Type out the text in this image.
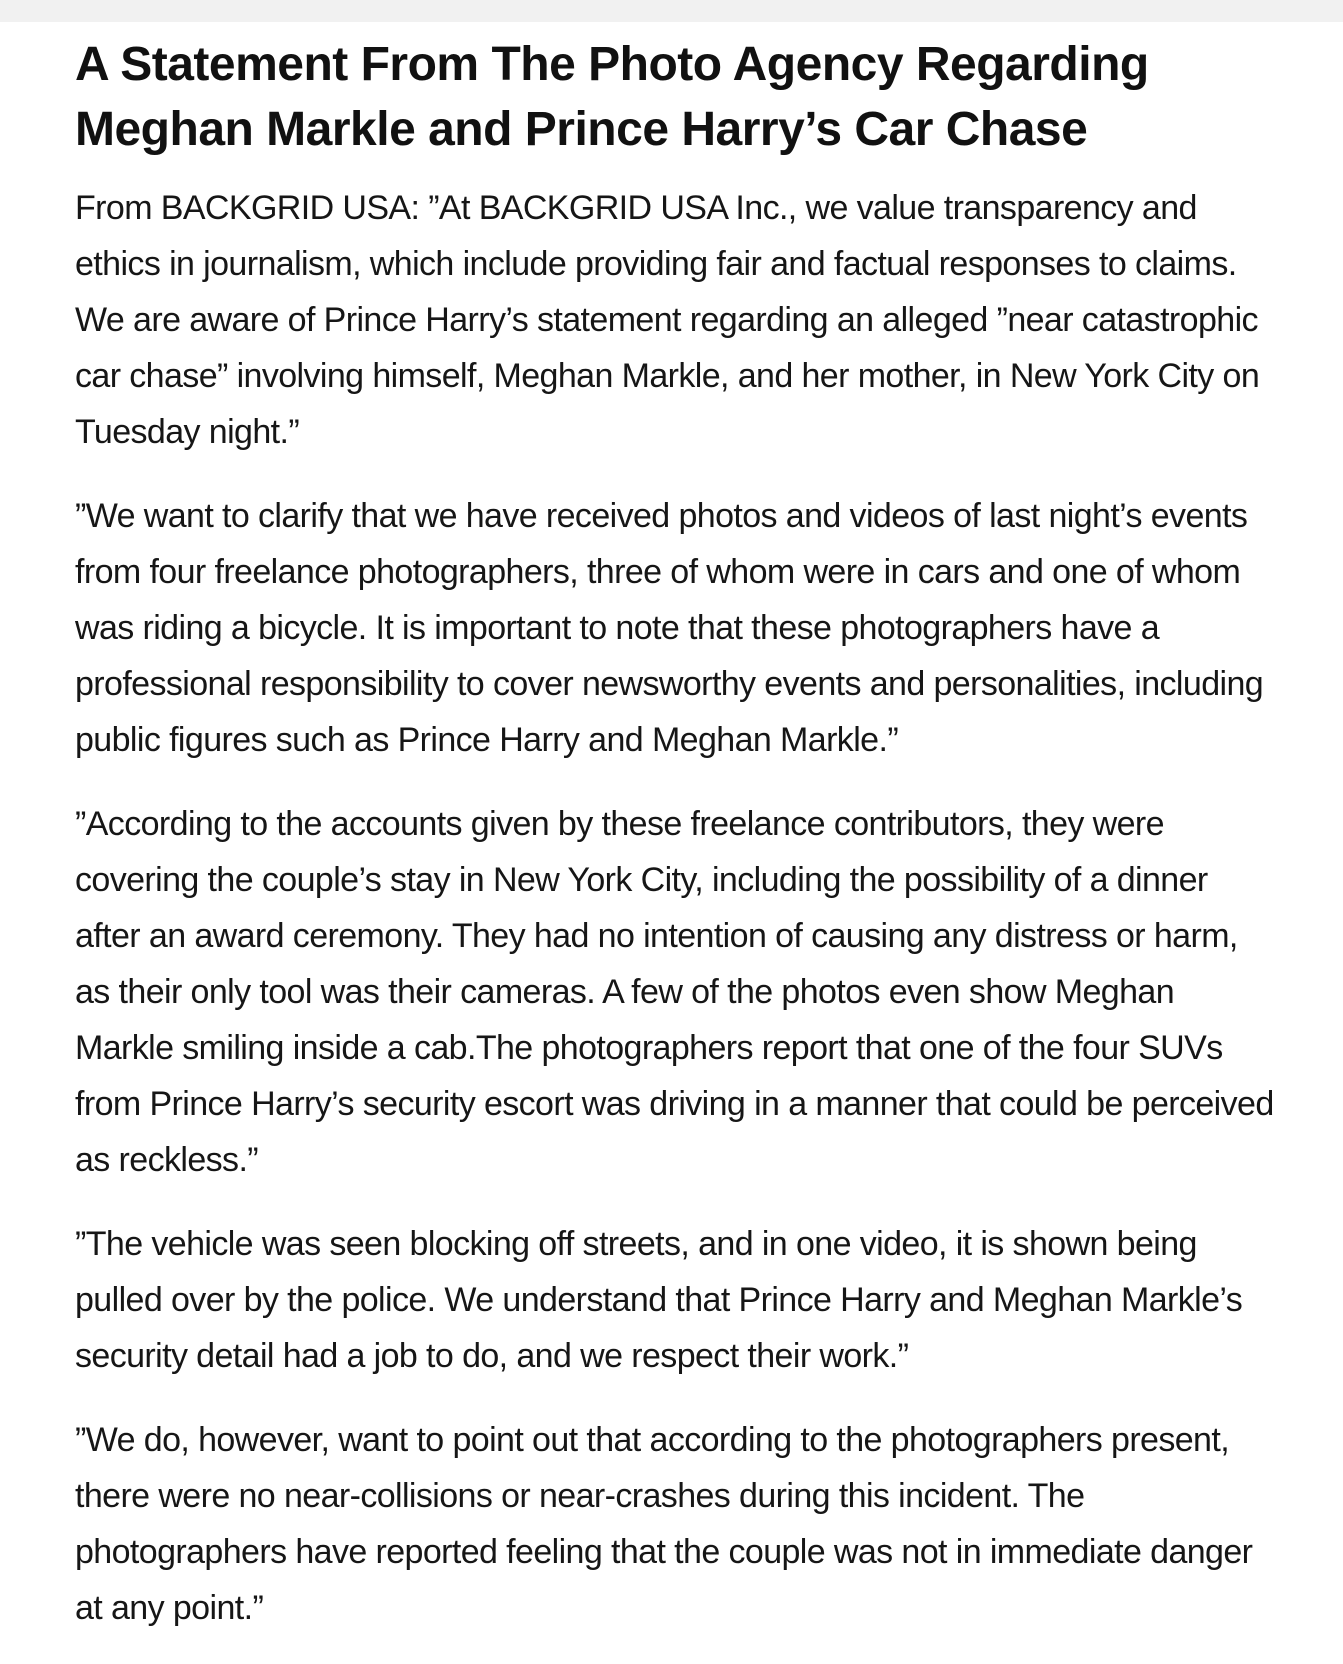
A Statement From The Photo Agency Regarding Meghan Markle and Prince Harry’s Car Chase

From BACKGRID USA: ”At BACKGRID USA Inc., we value transparency and ethics in journalism, which include providing fair and factual responses to claims. We are aware of Prince Harry’s statement regarding an alleged ”near catastrophic car chase” involving himself, Meghan Markle, and her mother, in New York City on Tuesday night.”

”We want to clarify that we have received photos and videos of last night’s events from four freelance photographers, three of whom were in cars and one of whom was riding a bicycle. It is important to note that these photographers have a professional responsibility to cover newsworthy events and personalities, including public figures such as Prince Harry and Meghan Markle.”

”According to the accounts given by these freelance contributors, they were covering the couple’s stay in New York City, including the possibility of a dinner after an award ceremony. They had no intention of causing any distress or harm, as their only tool was their cameras. A few of the photos even show Meghan Markle smiling inside a cab.The photographers report that one of the four SUVs from Prince Harry’s security escort was driving in a manner that could be perceived as reckless.”

”The vehicle was seen blocking off streets, and in one video, it is shown being pulled over by the police. We understand that Prince Harry and Meghan Markle’s security detail had a job to do, and we respect their work.”

”We do, however, want to point out that according to the photographers present, there were no near-collisions or near-crashes during this incident. The photographers have reported feeling that the couple was not in immediate danger at any point.”
